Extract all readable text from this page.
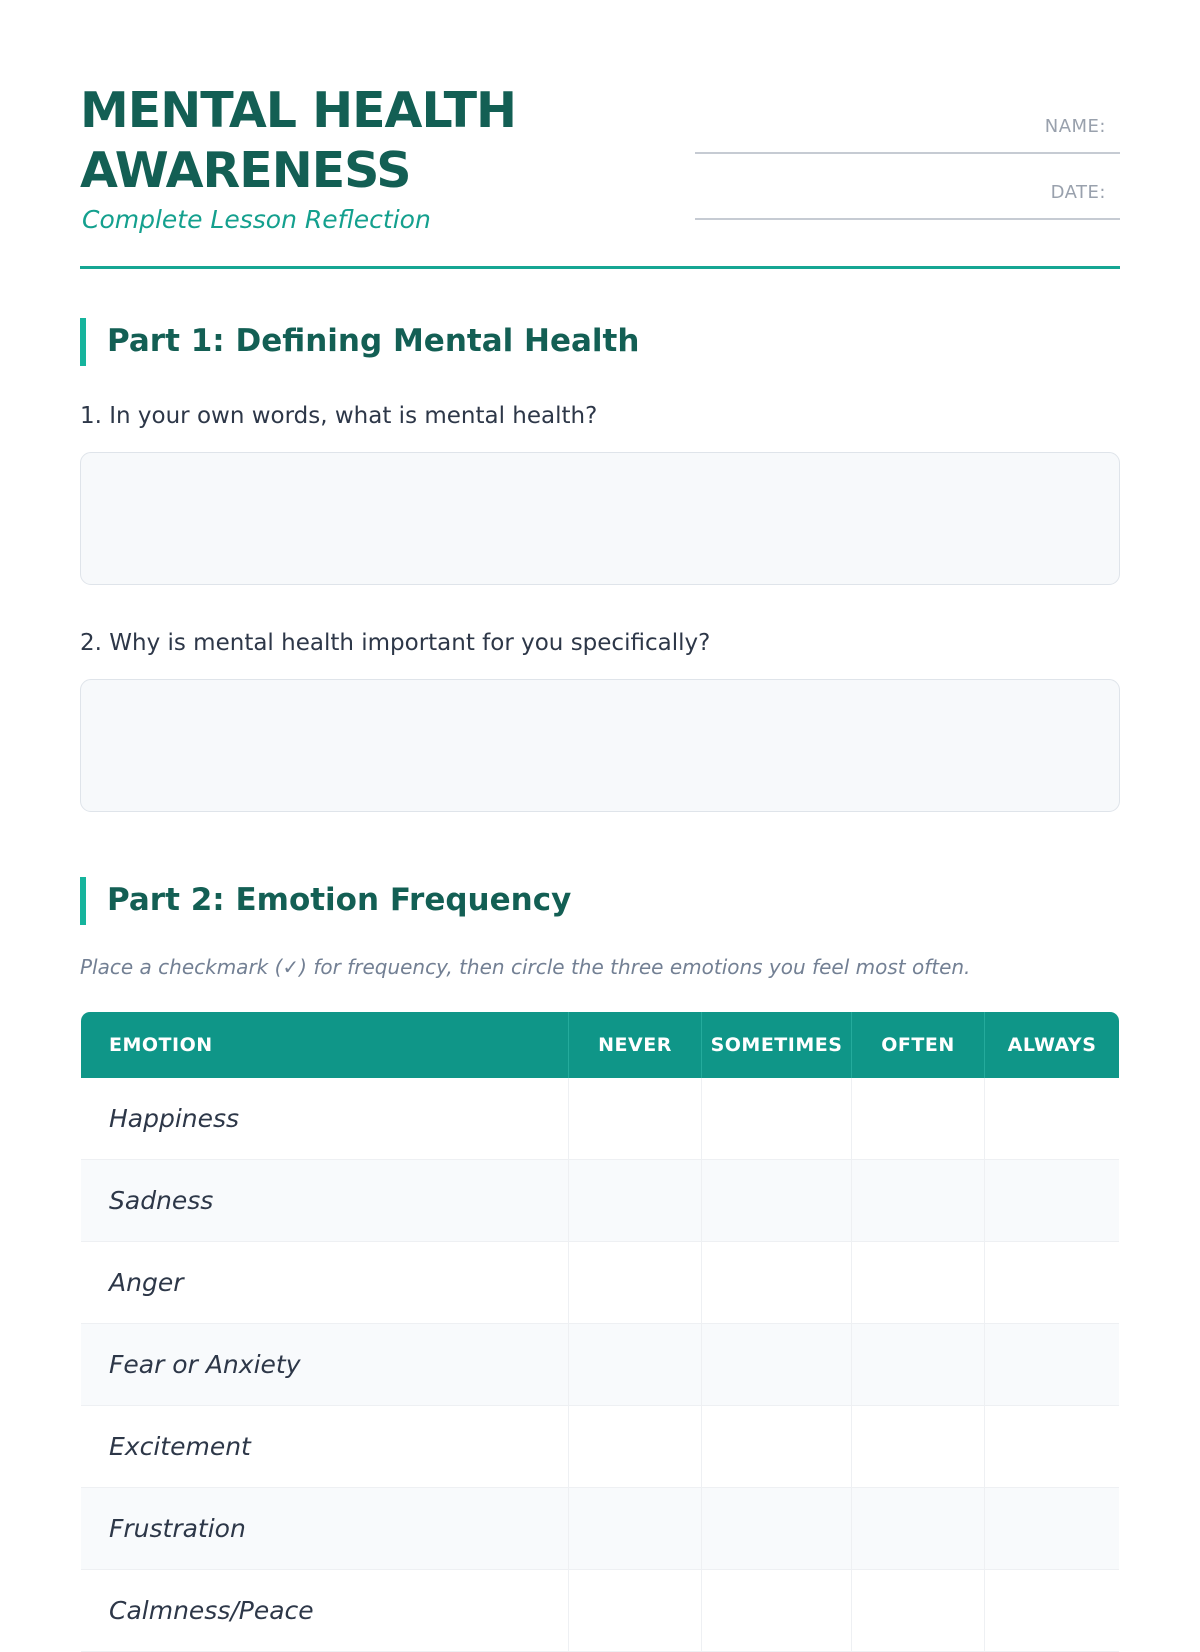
MENTAL HEALTH
AWARENESS
Complete Lesson Reflection
NAME:
DATE:
Part 1: Defining Mental Health
1. In your own words, what is mental health?
2. Why is mental health important for you specifically?
Part 2: Emotion Frequency
Place a checkmark (✓) for frequency, then circle the three emotions you feel most often.
EMOTION	NEVER	SOMETIMES	OFTEN	ALWAYS
Happiness				
Sadness				
Anger				
Fear or Anxiety				
Excitement				
Frustration				
Calmness/Peace				
